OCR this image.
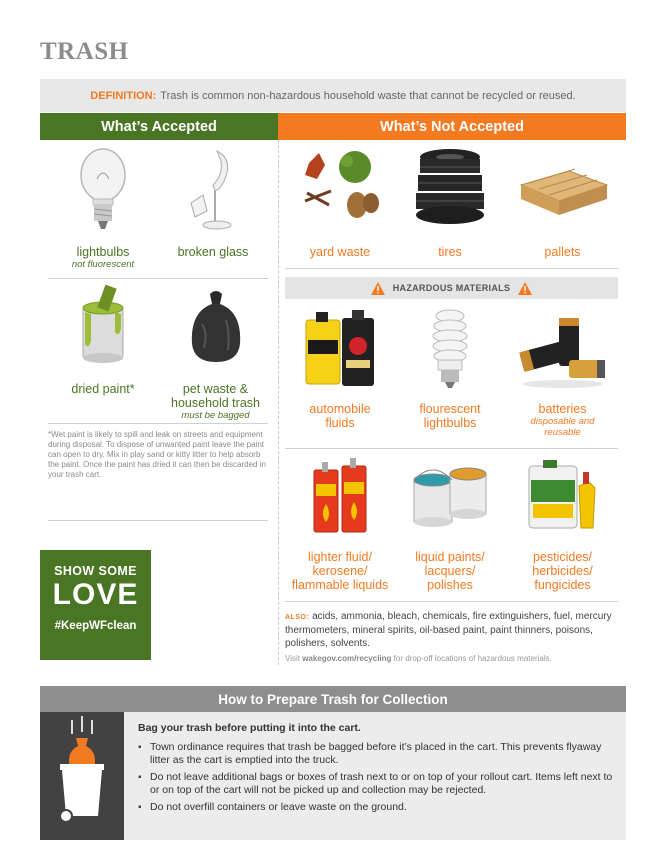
TRASH
DEFINITION: Trash is common non-hazardous household waste that cannot be recycled or reused.
What’s Accepted	What’s Not Accepted
lightbulbs
not fluorescent
broken glass
dried paint*	pet waste &
household trash
must be bagged
*Wet paint is likely to spill and leak on streets and equipment during disposal. To dispose of unwanted paint leave the paint can open to dry. Mix in play sand or kitty litter to help absorb the paint. Once the paint has dried it can then be discarded in your trash cart.
SHOW SOME
LOVE
#KeepWFclean
yard waste	tires	pallets
HAZARDOUS MATERIALS
automobile
fluids
flourescent
lightbulbs
batteries
disposable and
reusable
lighter fluid/
kerosene/
flammable liquids
liquid paints/
lacquers/
polishes
pesticides/
herbicides/
fungicides
ALSO: acids, ammonia, bleach, chemicals, fire extinguishers, fuel, mercury thermometers, mineral spirits, oil-based paint, paint thinners, poisons, polishers, solvents.
Visit wakegov.com/recycling for drop-off locations of hazardous materials.
How to Prepare Trash for Collection
Bag your trash before putting it into the cart.
▪ Town ordinance requires that trash be bagged before it’s placed in the cart. This prevents flyaway litter as the cart is emptied into the truck.
▪ Do not leave additional bags or boxes of trash next to or on top of your rollout cart. Items left next to or on top of the cart will not be picked up and collection may be rejected.
▪ Do not overfill containers or leave waste on the ground.
